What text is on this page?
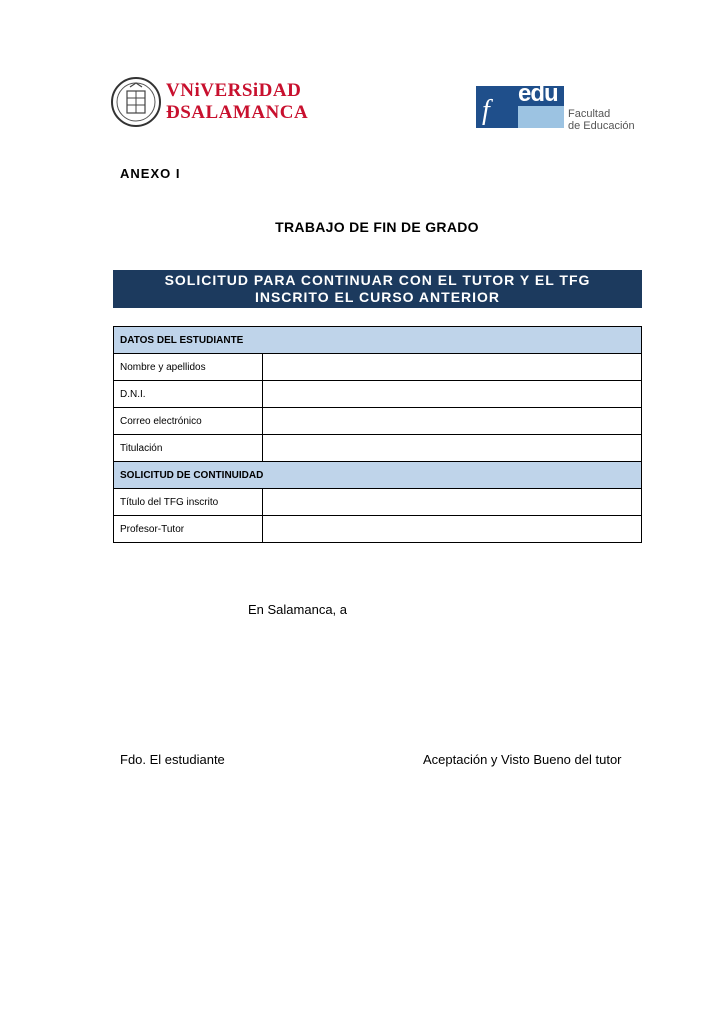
VNiVERSiDAD
ÐSALAMANCA	f
edu
Facultad
de Educación
ANEXO I
TRABAJO DE FIN DE GRADO
SOLICITUD PARA CONTINUAR CON EL TUTOR Y EL TFG
INSCRITO EL CURSO ANTERIOR
DATOS DEL ESTUDIANTE	
Nombre y apellidos	
D.N.I.	
Correo electrónico	
Titulación	
SOLICITUD DE CONTINUIDAD	
Título del TFG inscrito	
Profesor-Tutor	
En Salamanca, a
Fdo. El estudiante	Aceptación y Visto Bueno del tutor
